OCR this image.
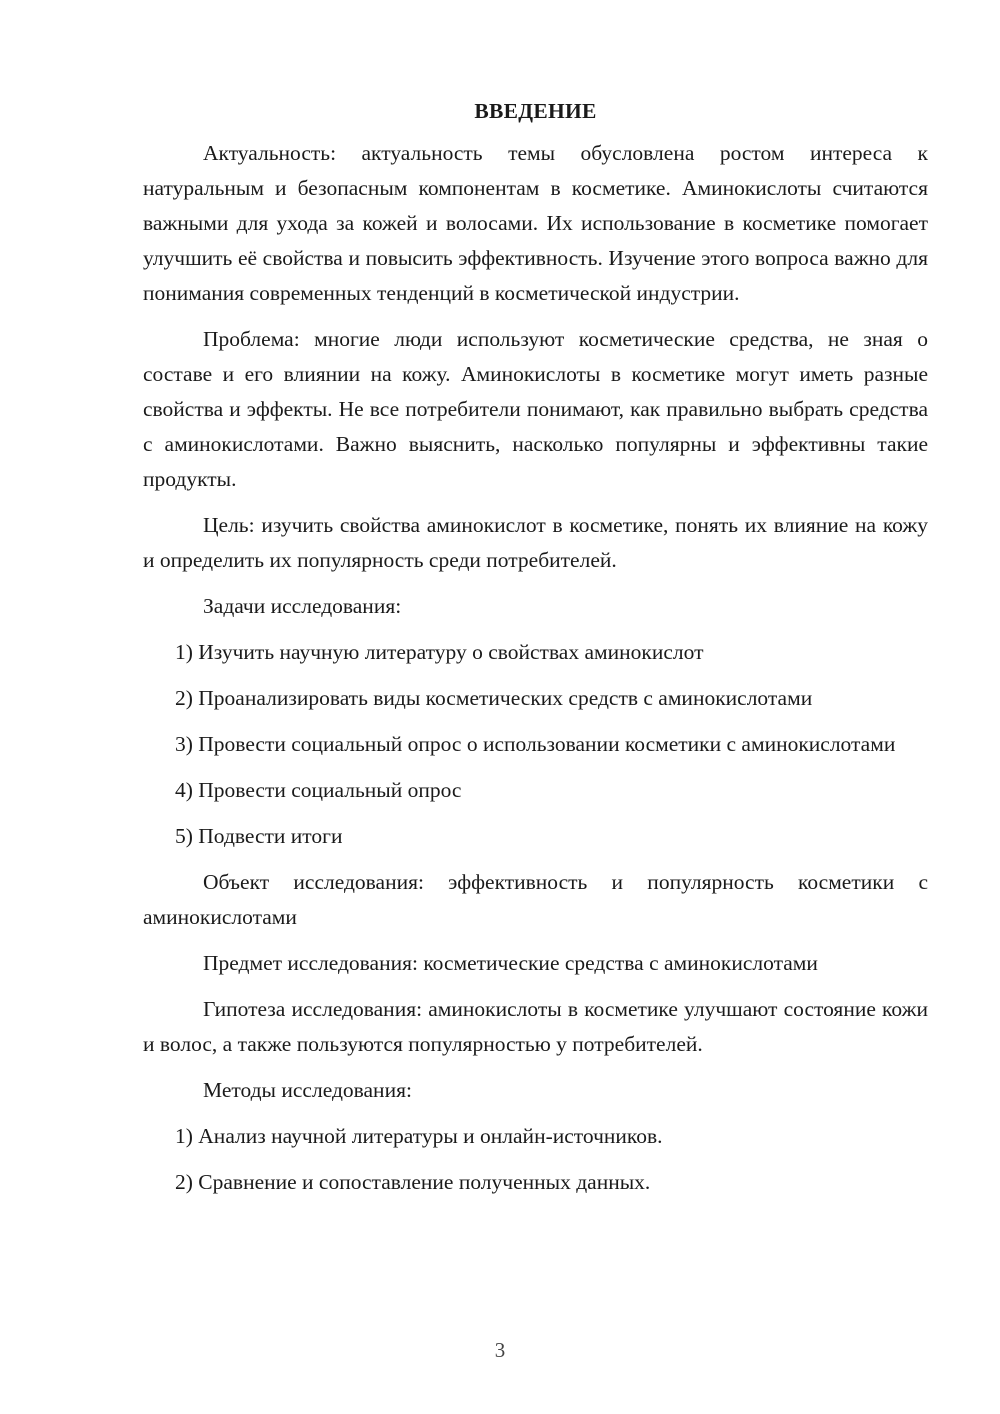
ВВЕДЕНИЕ

Актуальность: актуальность темы обусловлена ростом интереса к натуральным и безопасным компонентам в косметике. Аминокислоты считаются важными для ухода за кожей и волосами. Их использование в косметике помогает улучшить её свойства и повысить эффективность. Изучение этого вопроса важно для понимания современных тенденций в косметической индустрии.

Проблема: многие люди используют косметические средства, не зная о составе и его влиянии на кожу. Аминокислоты в косметике могут иметь разные свойства и эффекты. Не все потребители понимают, как правильно выбрать средства с аминокислотами. Важно выяснить, насколько популярны и эффективны такие продукты.

Цель: изучить свойства аминокислот в косметике, понять их влияние на кожу и определить их популярность среди потребителей.

Задачи исследования:

1) Изучить научную литературу о свойствах аминокислот

2) Проанализировать виды косметических средств с аминокислотами

3) Провести социальный опрос о использовании косметики с аминокислотами

4) Провести социальный опрос

5) Подвести итоги

Объект исследования: эффективность и популярность косметики с аминокислотами

Предмет исследования: косметические средства с аминокислотами

Гипотеза исследования: аминокислоты в косметике улучшают состояние кожи и волос, а также пользуются популярностью у потребителей.

Методы исследования:

1) Анализ научной литературы и онлайн-источников.

2) Сравнение и сопоставление полученных данных.

3
